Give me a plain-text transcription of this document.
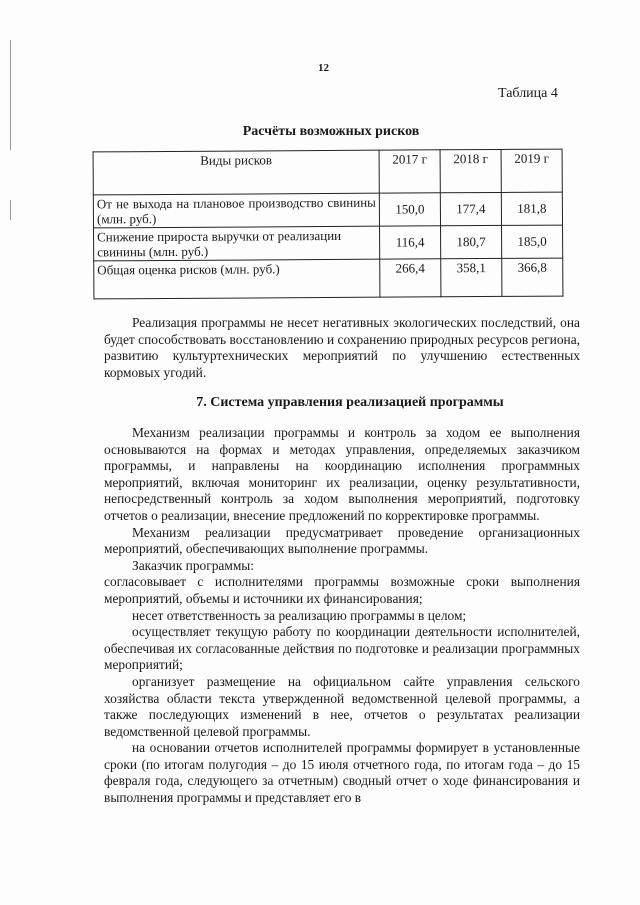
12
Таблица 4
Расчёты возможных рисков
Виды рисков	2017 г	2018 г	2019 г
От не выхода на плановое производство свинины (млн. руб.)	150,0	177,4	181,8
Снижение прироста выручки от реализации свинины (млн. руб.)	116,4	180,7	185,0
Общая оценка рисков (млн. руб.)	266,4	358,1	366,8

Реализация программы не несет негативных экологических последствий, она будет способствовать восстановлению и сохранению природных ресурсов региона, развитию культуртехнических мероприятий по улучшению естественных кормовых угодий.

7. Система управления реализацией программы

Механизм реализации программы и контроль за ходом ее выполнения основываются на формах и методах управления, определяемых заказчиком программы, и направлены на координацию исполнения программных мероприятий, включая мониторинг их реализации, оценку результативности, непосредственный контроль за ходом выполнения мероприятий, подготовку отчетов о реализации, внесение предложений по корректировке программы.

Механизм реализации предусматривает проведение организационных мероприятий, обеспечивающих выполнение программы.

Заказчик программы:

согласовывает с исполнителями программы возможные сроки выполнения мероприятий, объемы и источники их финансирования;

несет ответственность за реализацию программы в целом;

осуществляет текущую работу по координации деятельности исполнителей, обеспечивая их согласованные действия по подготовке и реализации программных мероприятий;

организует размещение на официальном сайте управления сельского хозяйства области текста утвержденной ведомственной целевой программы, а также последующих изменений в нее, отчетов о результатах реализации ведомственной целевой программы.

на основании отчетов исполнителей программы формирует в установленные сроки (по итогам полугодия – до 15 июля отчетного года, по итогам года – до 15 февраля года, следующего за отчетным) сводный отчет о ходе финансирования и выполнения программы и представляет его в
